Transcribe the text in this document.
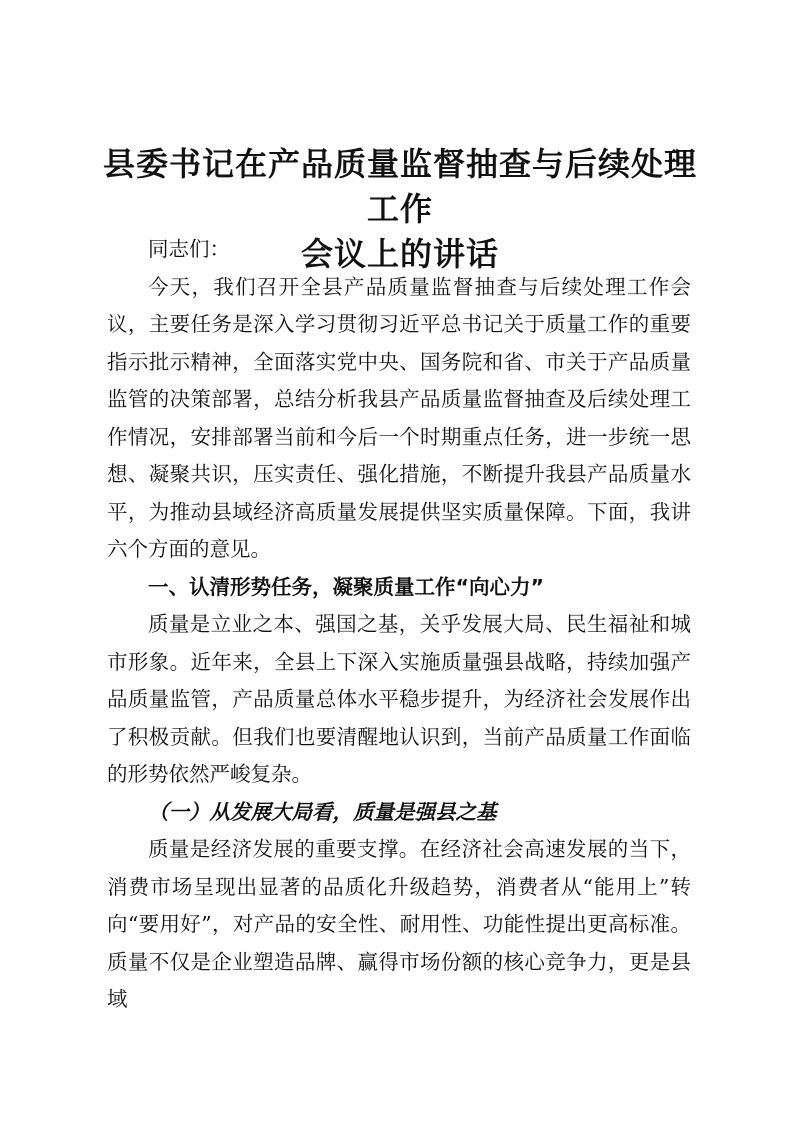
县委书记在产品质量监督抽查与后续处理工作
会议上的讲话

同志们：

今天，我们召开全县产品质量监督抽查与后续处理工作会议，主要任务是深入学习贯彻习近平总书记关于质量工作的重要指示批示精神，全面落实党中央、国务院和省、市关于产品质量监管的决策部署，总结分析我县产品质量监督抽查及后续处理工作情况，安排部署当前和今后一个时期重点任务，进一步统一思想、凝聚共识，压实责任、强化措施，不断提升我县产品质量水平，为推动县域经济高质量发展提供坚实质量保障。下面，我讲六个方面的意见。

一、认清形势任务，凝聚质量工作“向心力”

质量是立业之本、强国之基，关乎发展大局、民生福祉和城市形象。近年来，全县上下深入实施质量强县战略，持续加强产品质量监管，产品质量总体水平稳步提升，为经济社会发展作出了积极贡献。但我们也要清醒地认识到，当前产品质量工作面临的形势依然严峻复杂。

（一）从发展大局看，质量是强县之基

质量是经济发展的重要支撑。在经济社会高速发展的当下，消费市场呈现出显著的品质化升级趋势，消费者从“能用上”转向“要用好”，对产品的安全性、耐用性、功能性提出更高标准。质量不仅是企业塑造品牌、赢得市场份额的核心竞争力，更是县域
